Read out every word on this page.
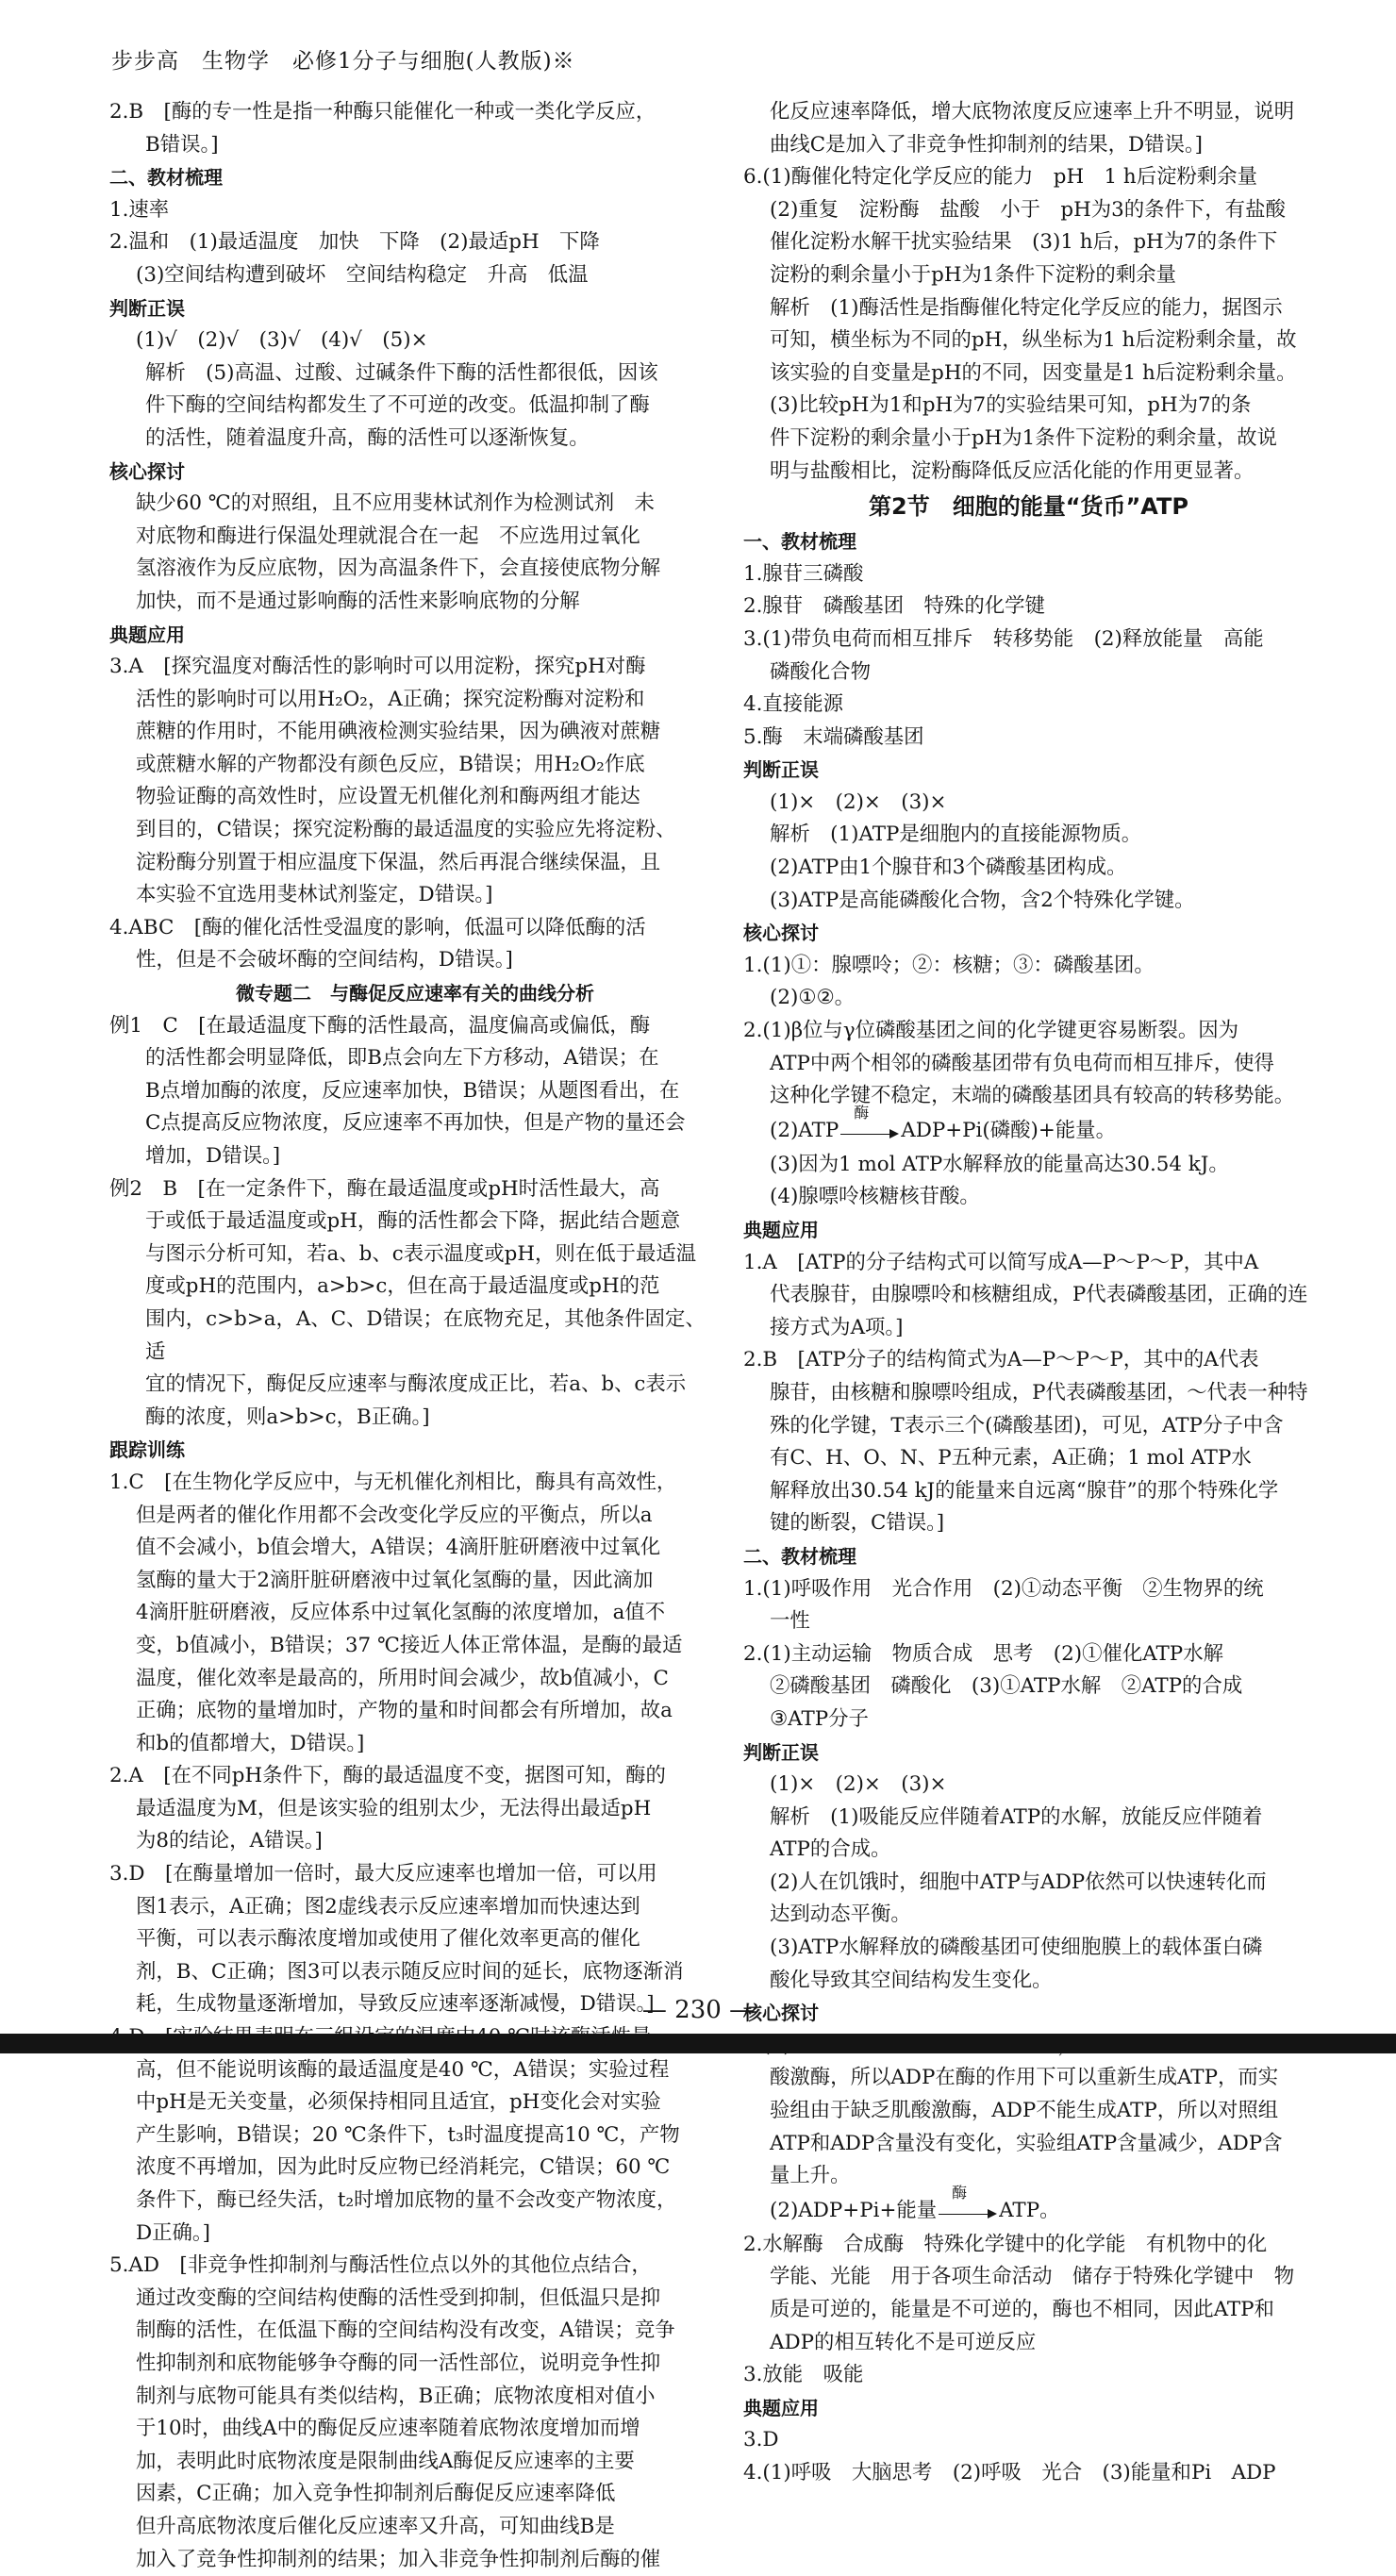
步步高　生物学　必修1分子与细胞(人教版)※

2.B　[酶的专一性是指一种酶只能催化一种或一类化学反应，

B错误。]

二、教材梳理

1.速率

2.温和　(1)最适温度　加快　下降　(2)最适pH　下降

(3)空间结构遭到破坏　空间结构稳定　升高　低温

判断正误

(1)√　(2)√　(3)√　(4)√　(5)×

解析　(5)高温、过酸、过碱条件下酶的活性都很低，因该

件下酶的空间结构都发生了不可逆的改变。低温抑制了酶

的活性，随着温度升高，酶的活性可以逐渐恢复。

核心探讨

缺少60 ℃的对照组，且不应用斐林试剂作为检测试剂　未

对底物和酶进行保温处理就混合在一起　不应选用过氧化

氢溶液作为反应底物，因为高温条件下，会直接使底物分解

加快，而不是通过影响酶的活性来影响底物的分解

典题应用

3.A　[探究温度对酶活性的影响时可以用淀粉，探究pH对酶

活性的影响时可以用H₂O₂，A正确；探究淀粉酶对淀粉和

蔗糖的作用时，不能用碘液检测实验结果，因为碘液对蔗糖

或蔗糖水解的产物都没有颜色反应，B错误；用H₂O₂作底

物验证酶的高效性时，应设置无机催化剂和酶两组才能达

到目的，C错误；探究淀粉酶的最适温度的实验应先将淀粉、

淀粉酶分别置于相应温度下保温，然后再混合继续保温，且

本实验不宜选用斐林试剂鉴定，D错误。]

4.ABC　[酶的催化活性受温度的影响，低温可以降低酶的活

性，但是不会破坏酶的空间结构，D错误。]

微专题二　与酶促反应速率有关的曲线分析

例1　C　[在最适温度下酶的活性最高，温度偏高或偏低，酶

的活性都会明显降低，即B点会向左下方移动，A错误；在

B点增加酶的浓度，反应速率加快，B错误；从题图看出，在

C点提高反应物浓度，反应速率不再加快，但是产物的量还会

增加，D错误。]

例2　B　[在一定条件下，酶在最适温度或pH时活性最大，高

于或低于最适温度或pH，酶的活性都会下降，据此结合题意

与图示分析可知，若a、b、c表示温度或pH，则在低于最适温

度或pH的范围内，a>b>c，但在高于最适温度或pH的范

围内，c>b>a，A、C、D错误；在底物充足，其他条件固定、适

宜的情况下，酶促反应速率与酶浓度成正比，若a、b、c表示

酶的浓度，则a>b>c，B正确。]

跟踪训练

1.C　[在生物化学反应中，与无机催化剂相比，酶具有高效性，

但是两者的催化作用都不会改变化学反应的平衡点，所以a

值不会减小，b值会增大，A错误；4滴肝脏研磨液中过氧化

氢酶的量大于2滴肝脏研磨液中过氧化氢酶的量，因此滴加

4滴肝脏研磨液，反应体系中过氧化氢酶的浓度增加，a值不

变，b值减小，B错误；37 ℃接近人体正常体温，是酶的最适

温度，催化效率是最高的，所用时间会减少，故b值减小，C

正确；底物的量增加时，产物的量和时间都会有所增加，故a

和b的值都增大，D错误。]

2.A　[在不同pH条件下，酶的最适温度不变，据图可知，酶的

最适温度为M，但是该实验的组别太少，无法得出最适pH

为8的结论，A错误。]

3.D　[在酶量增加一倍时，最大反应速率也增加一倍，可以用

图1表示，A正确；图2虚线表示反应速率增加而快速达到

平衡，可以表示酶浓度增加或使用了催化效率更高的催化

剂，B、C正确；图3可以表示随反应时间的延长，底物逐渐消

耗，生成物量逐渐增加，导致反应速率逐渐减慢，D错误。]

高，但不能说明该酶的最适温度是40 ℃，A错误；实验过程

中pH是无关变量，必须保持相同且适宜，pH变化会对实验

产生影响，B错误；20 ℃条件下，t₃时温度提高10 ℃，产物

浓度不再增加，因为此时反应物已经消耗完，C错误；60 ℃

条件下，酶已经失活，t₂时增加底物的量不会改变产物浓度，

D正确。]

5.AD　[非竞争性抑制剂与酶活性位点以外的其他位点结合，

通过改变酶的空间结构使酶的活性受到抑制，但低温只是抑

制酶的活性，在低温下酶的空间结构没有改变，A错误；竞争

性抑制剂和底物能够争夺酶的同一活性部位，说明竞争性抑

制剂与底物可能具有类似结构，B正确；底物浓度相对值小

于10时，曲线A中的酶促反应速率随着底物浓度增加而增

加，表明此时底物浓度是限制曲线A酶促反应速率的主要

因素，C正确；加入竞争性抑制剂后酶促反应速率降低

但升高底物浓度后催化反应速率又升高，可知曲线B是

加入了竞争性抑制剂的结果；加入非竞争性抑制剂后酶的催

化反应速率降低，增大底物浓度反应速率上升不明显，说明

曲线C是加入了非竞争性抑制剂的结果，D错误。]

6.(1)酶催化特定化学反应的能力　pH　1 h后淀粉剩余量

(2)重复　淀粉酶　盐酸　小于　pH为3的条件下，有盐酸

催化淀粉水解干扰实验结果　(3)1 h后，pH为7的条件下

淀粉的剩余量小于pH为1条件下淀粉的剩余量

解析　(1)酶活性是指酶催化特定化学反应的能力，据图示

可知，横坐标为不同的pH，纵坐标为1 h后淀粉剩余量，故

该实验的自变量是pH的不同，因变量是1 h后淀粉剩余量。

(3)比较pH为1和pH为7的实验结果可知，pH为7的条

件下淀粉的剩余量小于pH为1条件下淀粉的剩余量，故说

明与盐酸相比，淀粉酶降低反应活化能的作用更显著。

第2节　细胞的能量“货币”ATP

一、教材梳理

1.腺苷三磷酸

2.腺苷　磷酸基团　特殊的化学键

3.(1)带负电荷而相互排斥　转移势能　(2)释放能量　高能

磷酸化合物

4.直接能源

5.酶　末端磷酸基团

判断正误

(1)×　(2)×　(3)×

解析　(1)ATP是细胞内的直接能源物质。

(2)ATP由1个腺苷和3个磷酸基团构成。

(3)ATP是高能磷酸化合物，含2个特殊化学键。

核心探讨

1.(1)①：腺嘌呤；②：核糖；③：磷酸基团。

(2)①②。

2.(1)β位与γ位磷酸基团之间的化学键更容易断裂。因为

ATP中两个相邻的磷酸基团带有负电荷而相互排斥，使得

这种化学键不稳定，末端的磷酸基团具有较高的转移势能。

(2)ATP
酶
ADP+Pi(磷酸)+能量。

(3)因为1 mol ATP水解释放的能量高达30.54 kJ。

(4)腺嘌呤核糖核苷酸。

典题应用

1.A　[ATP的分子结构式可以简写成A—P～P～P，其中A

代表腺苷，由腺嘌呤和核糖组成，P代表磷酸基团，正确的连

接方式为A项。]

2.B　[ATP分子的结构简式为A—P～P～P，其中的A代表

腺苷，由核糖和腺嘌呤组成，P代表磷酸基团，～代表一种特

殊的化学键，T表示三个(磷酸基团)，可见，ATP分子中含

有C、H、O、N、P五种元素，A正确；1 mol ATP水

解释放出30.54 kJ的能量来自远离“腺苷”的那个特殊化学

键的断裂，C错误。]

二、教材梳理

1.(1)呼吸作用　光合作用　(2)①动态平衡　②生物界的统

一性

2.(1)主动运输　物质合成　思考　(2)①催化ATP水解

②磷酸基团　磷酸化　(3)①ATP水解　②ATP的合成

③ATP分子

判断正误

(1)×　(2)×　(3)×

解析　(1)吸能反应伴随着ATP的水解，放能反应伴随着

ATP的合成。

(2)人在饥饿时，细胞中ATP与ADP依然可以快速转化而

达到动态平衡。

(3)ATP水解释放的磷酸基团可使细胞膜上的载体蛋白磷

酸化导致其空间结构发生变化。

核心探讨

酸激酶，所以ADP在酶的作用下可以重新生成ATP，而实

验组由于缺乏肌酸激酶，ADP不能生成ATP，所以对照组

ATP和ADP含量没有变化，实验组ATP含量减少，ADP含

量上升。

(2)ADP+Pi+能量
酶
ATP。

2.水解酶　合成酶　特殊化学键中的化学能　有机物中的化

学能、光能　用于各项生命活动　储存于特殊化学键中　物

质是可逆的，能量是不可逆的，酶也不相同，因此ATP和

ADP的相互转化不是可逆反应

3.放能　吸能

典题应用

3.D

4.(1)呼吸　大脑思考　(2)呼吸　光合　(3)能量和Pi　ADP

— 230 —
